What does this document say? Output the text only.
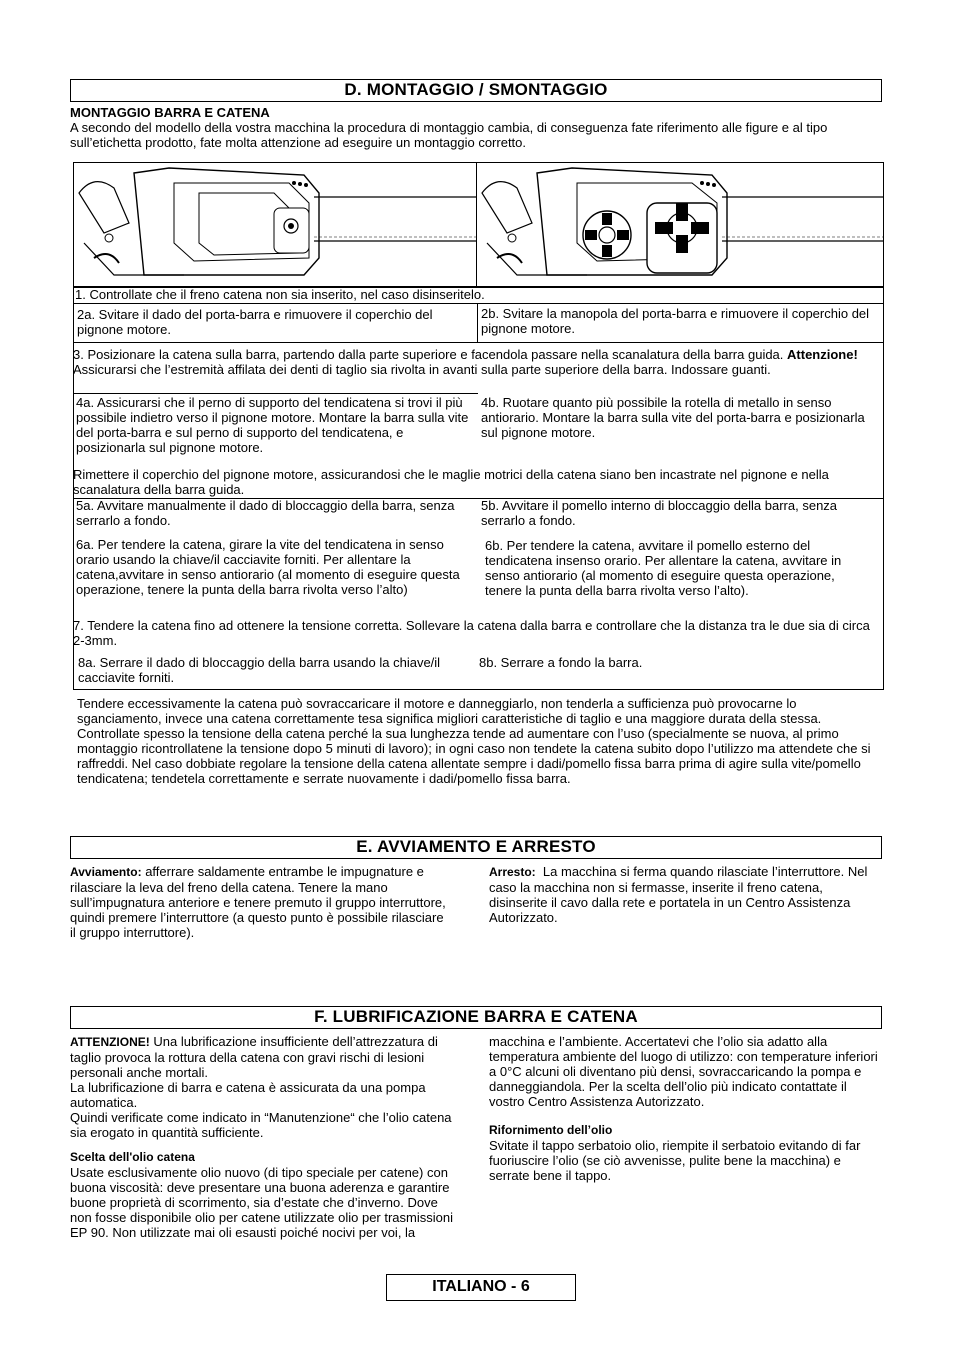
D. MONTAGGIO / SMONTAGGIO
MONTAGGIO BARRA E CATENA
A secondo del modello della vostra macchina la procedura di montaggio cambia, di conseguenza fate riferimento alle figure e al tipo sull’etichetta prodotto, fate molta attenzione ad eseguire un montaggio corretto.
1. Controllate che il freno catena non sia inserito, nel caso disinseritelo.
2a. Svitare il dado del porta-barra e rimuovere il coperchio del pignone motore.
2b. Svitare la manopola del porta-barra e rimuovere il coperchio del pignone motore.
3. Posizionare la catena sulla barra, partendo dalla parte superiore e facendola passare nella scanalatura della barra guida. Attenzione! Assicurarsi che l’estremità affilata dei denti di taglio sia rivolta in avanti sulla parte superiore della barra. Indossare guanti.
4a. Assicurarsi che il perno di supporto del tendicatena si trovi il più possibile indietro verso il pignone motore. Montare la barra sulla vite del porta-barra e sul perno di supporto del tendicatena, e posizionarla sul pignone motore.
4b. Ruotare quanto più possibile la rotella di metallo in senso antiorario. Montare la barra sulla vite del porta-barra e posizionarla sul pignone motore.
Rimettere il coperchio del pignone motore, assicurandosi che le maglie motrici della catena siano ben incastrate nel pignone e nella scanalatura della barra guida.
5a. Avvitare manualmente il dado di bloccaggio della barra, senza serrarlo a fondo.
5b. Avvitare il pomello interno di bloccaggio della barra, senza serrarlo a fondo.
6a. Per tendere la catena, girare la vite del tendicatena in senso orario usando la chiave/il cacciavite forniti. Per allentare la catena,avvitare in senso antiorario (al momento di eseguire questa operazione, tenere la punta della barra rivolta verso l’alto)
6b. Per tendere la catena, avvitare il pomello esterno del tendicatena insenso orario. Per allentare la catena, avvitare in senso antiorario (al momento di eseguire questa operazione, tenere la punta della barra rivolta verso l’alto).
7. Tendere la catena fino ad ottenere la tensione corretta. Sollevare la catena dalla barra e controllare che la distanza tra le due sia di circa 2-3mm.
8a. Serrare il dado di bloccaggio della barra usando la chiave/il cacciavite forniti.
8b. Serrare a fondo la barra.
Tendere eccessivamente la catena può sovraccaricare il motore e danneggiarlo, non tenderla a sufficienza può provocarne lo sganciamento, invece una catena correttamente tesa significa migliori caratteristiche di taglio e una maggiore durata della stessa. Controllate spesso la tensione della catena perché la sua lunghezza tende ad aumentare con l’uso (specialmente se nuova, al primo montaggio ricontrollatene la tensione dopo 5 minuti di lavoro); in ogni caso non tendete la catena subito dopo l’utilizzo ma attendete che si raffreddi. Nel caso dobbiate regolare la tensione della catena allentate sempre i dadi/pomello fissa barra prima di agire sulla vite/pomello tendicatena; tendetela correttamente e serrate nuovamente i dadi/pomello fissa barra.
E. AVVIAMENTO E ARRESTO
Avviamento: afferrare saldamente entrambe le impugnature e rilasciare la leva del freno della catena. Tenere la mano sull’impugnatura anteriore e tenere premuto il gruppo interruttore, quindi premere l’interruttore (a questo punto è possibile rilasciare il gruppo interruttore).
Arresto: La macchina si ferma quando rilasciate l’interruttore. Nel caso la macchina non si fermasse, inserite il freno catena, disinserite il cavo dalla rete e portatela in un Centro Assistenza Autorizzato.
F. LUBRIFICAZIONE BARRA E CATENA
ATTENZIONE! Una lubrificazione insufficiente dell’attrezzatura di taglio provoca la rottura della catena con gravi rischi di lesioni personali anche mortali.
La lubrificazione di barra e catena è assicurata da una pompa automatica.
Quindi verificate come indicato in “Manutenzione“ che l’olio catena sia erogato in quantità sufficiente.
Scelta dell'olio catena
Usate esclusivamente olio nuovo (di tipo speciale per catene) con buona viscosità: deve presentare una buona aderenza e garantire buone proprietà di scorrimento, sia d’estate che d’inverno. Dove non fosse disponibile olio per catene utilizzate olio per trasmissioni EP 90. Non utilizzate mai oli esausti poiché nocivi per voi, la
macchina e l’ambiente. Accertatevi che l’olio sia adatto alla temperatura ambiente del luogo di utilizzo: con temperature inferiori a 0°C alcuni oli diventano più densi, sovraccaricando la pompa e danneggiandola. Per la scelta dell’olio più indicato contattate il vostro Centro Assistenza Autorizzato.
Rifornimento dell’olio
Svitate il tappo serbatoio olio, riempite il serbatoio evitando di far fuoriuscire l’olio (se ciò avvenisse, pulite bene la macchina) e serrate bene il tappo.
ITALIANO - 6
